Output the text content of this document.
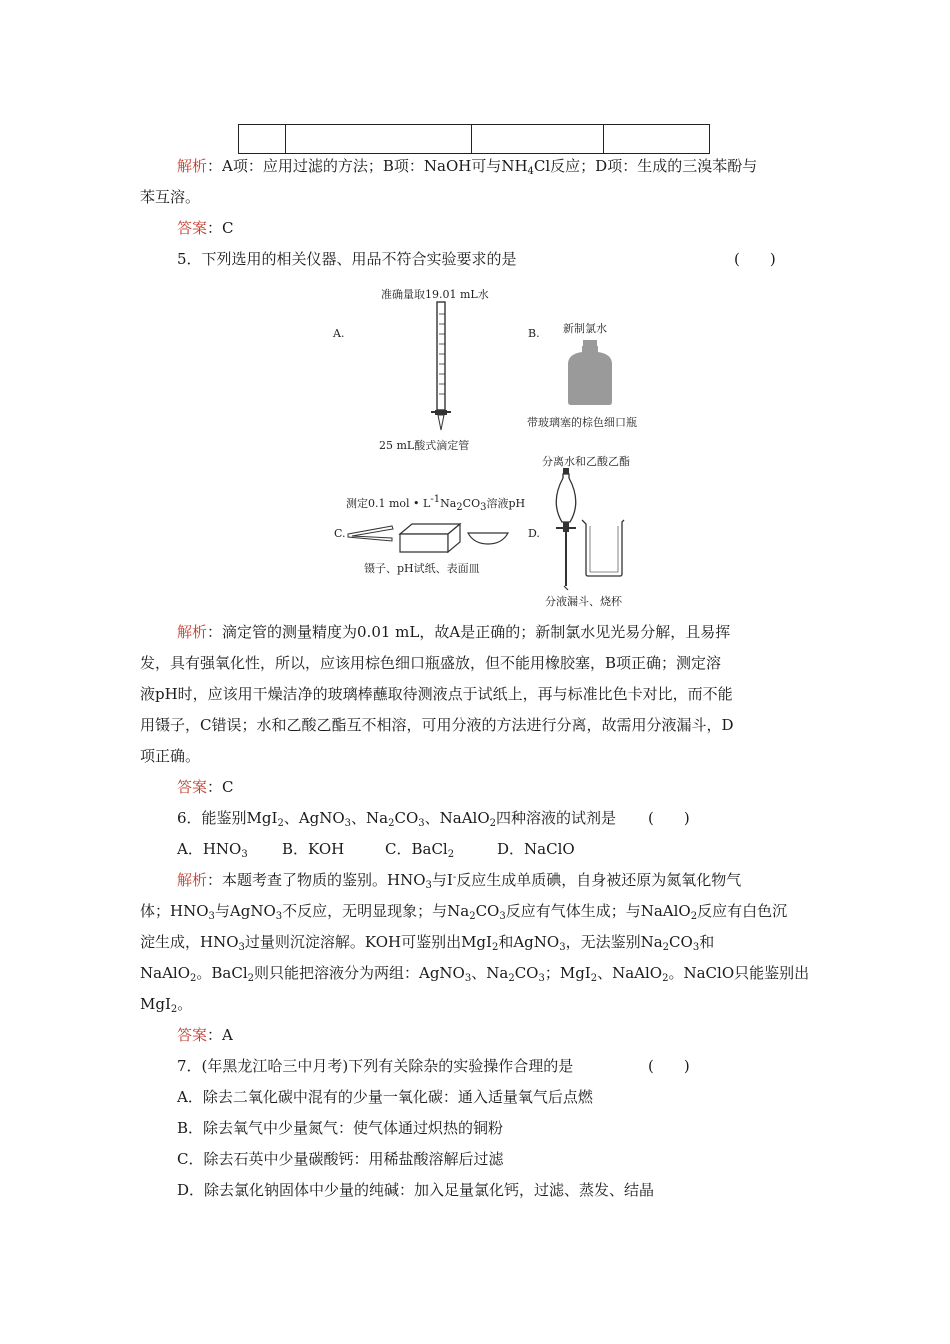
解析：A项：应用过滤的方法；B项：NaOH可与$NH_4Cl$反应；D项：生成的三溴苯酚与
苯互溶。
答案：C
5．下列选用的相关仪器、用品不符合实验要求的是	(　　)
A.
准确量取19.01 mL水
25 mL酸式滴定管
B. 新制氯水
带玻璃塞的棕色细口瓶
C.
测定0.1 mol • $L^{-1}Na_2CO_3$溶液pH
镊子、pH试纸、表面皿
D.
分离水和乙酸乙酯
分液漏斗、烧杯
解析：滴定管的测量精度为0.01 mL，故A是正确的；新制氯水见光易分解，且易挥
发，具有强氧化性，所以，应该用棕色细口瓶盛放，但不能用橡胶塞，B项正确；测定溶
液pH时，应该用干燥洁净的玻璃棒蘸取待测液点于试纸上，再与标准比色卡对比，而不能
用镊子，C错误；水和乙酸乙酯互不相溶，可用分液的方法进行分离，故需用分液漏斗，D
项正确。
答案：C
6．能鉴别MgI$_2$、AgNO$_3$、$Na_2CO_3$、NaAlO$_2$四种溶液的试剂是 (　　)
A．$HNO_3$ B．KOH	C．BaCl$_2$	D．NaClO
解析：本题考查了物质的鉴别。$HNO_3$与I-反应生成单质碘，自身被还原为氮氧化物气
体；$HNO_3$与AgNO$_3$不反应，无明显现象；与$Na_2CO_3$反应有气体生成；与NaAlO$_2$反应有白色沉
淀生成，$HNO_3$过量则沉淀溶解。KOH可鉴别出MgI$_2$和AgNO$_3$，无法鉴别$Na_2CO_3$和
NaAlO$_2$。BaCl$_2$则只能把溶液分为两组：AgNO$_3$、$Na_2CO_3$；MgI$_2$、NaAlO$_2$。NaClO只能鉴别出
MgI$_2$。
答案：A
7．(年黑龙江哈三中月考)下列有关除杂的实验操作合理的是	(　　)
A．除去二氧化碳中混有的少量一氧化碳：通入适量氧气后点燃
B．除去氧气中少量氮气：使气体通过炽热的铜粉
C．除去石英中少量碳酸钙：用稀盐酸溶解后过滤
D．除去氯化钠固体中少量的纯碱：加入足量氯化钙，过滤、蒸发、结晶
